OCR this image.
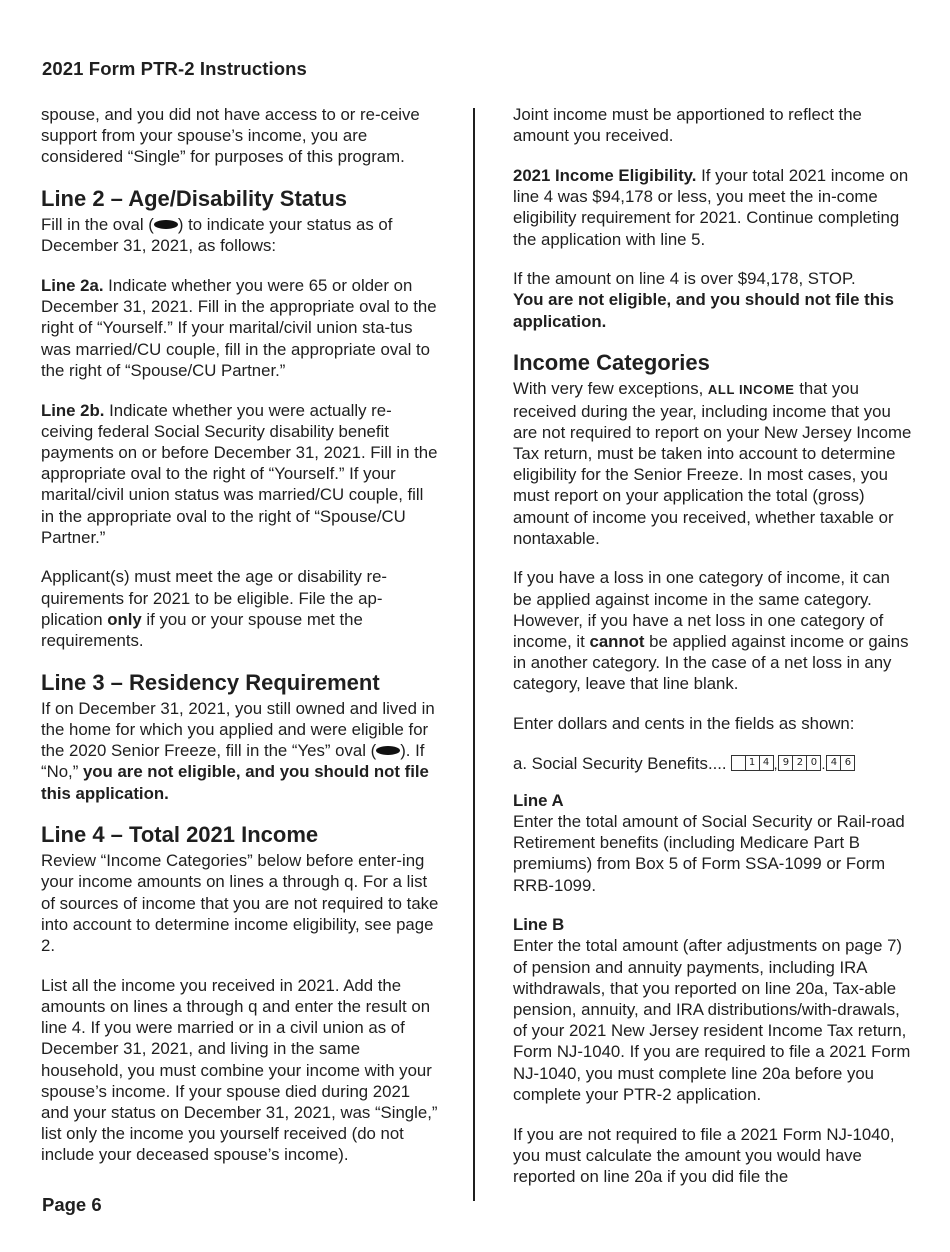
2021 Form PTR-2 Instructions

spouse, and you did not have access to or re-ceive support from your spouse’s income, you are considered “Single” for purposes of this program.

Line 2 – Age/Disability Status

Fill in the oval ( ) to indicate your status as of December 31, 2021, as follows:

Line 2a. Indicate whether you were 65 or older on December 31, 2021. Fill in the appropriate oval to the right of “Yourself.” If your marital/civil union sta-tus was married/CU couple, fill in the appropriate oval to the right of “Spouse/CU Partner.”

Line 2b. Indicate whether you were actually re-ceiving federal Social Security disability benefit payments on or before December 31, 2021. Fill in the appropriate oval to the right of “Yourself.” If your marital/civil union status was married/CU couple, fill in the appropriate oval to the right of “Spouse/CU Partner.”

Applicant(s) must meet the age or disability re-quirements for 2021 to be eligible. File the ap-plication only if you or your spouse met the requirements.

Line 3 – Residency Requirement

If on December 31, 2021, you still owned and lived in the home for which you applied and were eligible for the 2020 Senior Freeze, fill in the “Yes” oval ( ). If “No,” you are not eligible, and you should not file this application.

Line 4 – Total 2021 Income

Review “Income Categories” below before enter-ing your income amounts on lines a through q. For a list of sources of income that you are not required to take into account to determine income eligibility, see page 2.

List all the income you received in 2021. Add the amounts on lines a through q and enter the result on line 4. If you were married or in a civil union as of December 31, 2021, and living in the same household, you must combine your income with your spouse’s income. If your spouse died during 2021 and your status on December 31, 2021, was “Single,” list only the income you yourself received (do not include your deceased spouse’s income).

Joint income must be apportioned to reflect the amount you received.

2021 Income Eligibility. If your total 2021 income on line 4 was $94,178 or less, you meet the in-come eligibility requirement for 2021. Continue completing the application with line 5.

If the amount on line 4 is over $94,178, STOP.
You are not eligible, and you should not file this application.

Income Categories

With very few exceptions, ALL INCOME that you received during the year, including income that you are not required to report on your New Jersey Income Tax return, must be taken into account to determine eligibility for the Senior Freeze. In most cases, you must report on your application the total (gross) amount of income you received, whether taxable or nontaxable.

If you have a loss in one category of income, it can be applied against income in the same category. However, if you have a net loss in one category of income, it cannot be applied against income or gains in another category. In the case of a net loss in any category, leave that line blank.

Enter dollars and cents in the fields as shown:

a. Social Security Benefits....	1 4 , 9 2 0 . 4 6
Line A

Enter the total amount of Social Security or Rail-road Retirement benefits (including Medicare Part B premiums) from Box 5 of Form SSA-1099 or Form RRB-1099.

Line B

Enter the total amount (after adjustments on page 7) of pension and annuity payments, including IRA withdrawals, that you reported on line 20a, Tax-able pension, annuity, and IRA distributions/with-drawals, of your 2021 New Jersey resident Income Tax return, Form NJ-1040. If you are required to file a 2021 Form NJ-1040, you must complete line 20a before you complete your PTR-2 application.

If you are not required to file a 2021 Form NJ-1040, you must calculate the amount you would have reported on line 20a if you did file the

Page 6
